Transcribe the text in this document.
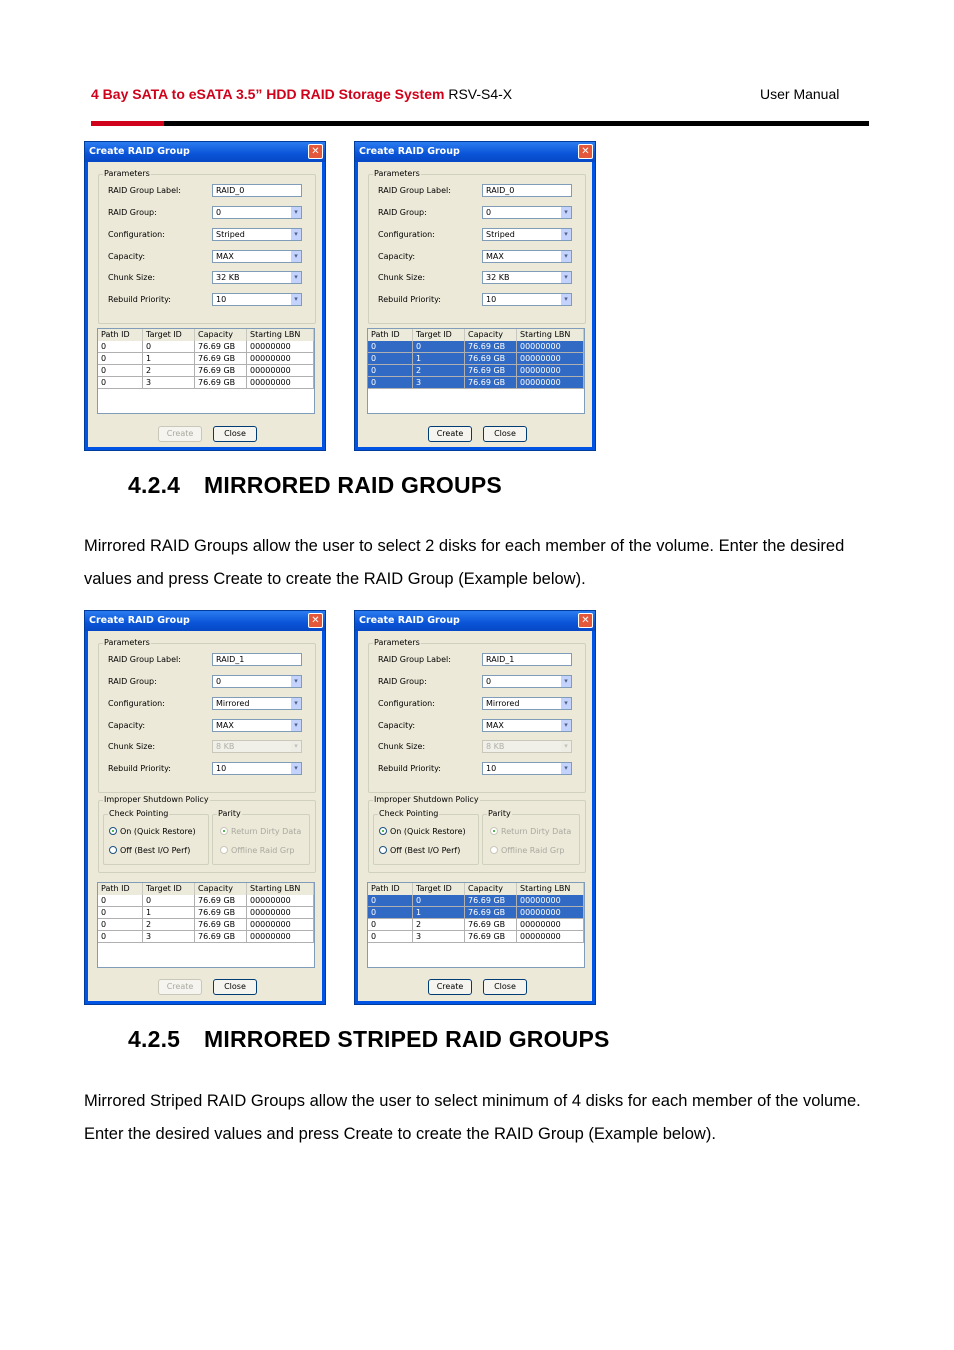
4 Bay SATA to eSATA 3.5” HDD RAID Storage System RSV-S4-X	User Manual
Create RAID Group	✕
Parameters
RAID Group Label:	RAID_0
RAID Group:	0	▾
Configuration:	Striped	▾
Capacity:	MAX	▾
Chunk Size:	32 KB	▾
Rebuild Priority:	10	▾
Path ID	Target ID	Capacity	Starting LBN
0	0	76.69 GB	00000000
0	1	76.69 GB	00000000
0	2	76.69 GB	00000000
0	3	76.69 GB	00000000
Create	Close
Create RAID Group	✕
Parameters
RAID Group Label:	RAID_0
RAID Group:	0	▾
Configuration:	Striped	▾
Capacity:	MAX	▾
Chunk Size:	32 KB	▾
Rebuild Priority:	10	▾
Path ID	Target ID	Capacity	Starting LBN
0	0	76.69 GB	00000000
0	1	76.69 GB	00000000
0	2	76.69 GB	00000000
0	3	76.69 GB	00000000
Create	Close
4.2.4 MIRRORED RAID GROUPS
Mirrored RAID Groups allow the user to select 2 disks for each member of the volume. Enter the desired values and press Create to create the RAID Group (Example below).
Create RAID Group	✕
Parameters
RAID Group Label:	RAID_1
RAID Group:	0	▾
Configuration:	Mirrored	▾
Capacity:	MAX	▾
Chunk Size:	8 KB	▾
Rebuild Priority:	10	▾
Improper Shutdown Policy
Check Pointing
On (Quick Restore)
Off (Best I/O Perf)
Parity
Return Dirty Data
Offline Raid Grp
Path ID	Target ID	Capacity	Starting LBN
0	0	76.69 GB	00000000
0	1	76.69 GB	00000000
0	2	76.69 GB	00000000
0	3	76.69 GB	00000000
Create	Close
Create RAID Group	✕
Parameters
RAID Group Label:	RAID_1
RAID Group:	0	▾
Configuration:	Mirrored	▾
Capacity:	MAX	▾
Chunk Size:	8 KB	▾
Rebuild Priority:	10	▾
Improper Shutdown Policy
Check Pointing
On (Quick Restore)
Off (Best I/O Perf)
Parity
Return Dirty Data
Offline Raid Grp
Path ID	Target ID	Capacity	Starting LBN
0	0	76.69 GB	00000000
0	1	76.69 GB	00000000
0	2	76.69 GB	00000000
0	3	76.69 GB	00000000
Create	Close
4.2.5 MIRRORED STRIPED RAID GROUPS
Mirrored Striped RAID Groups allow the user to select minimum of 4 disks for each member of the volume. Enter the desired values and press Create to create the RAID Group (Example below).
